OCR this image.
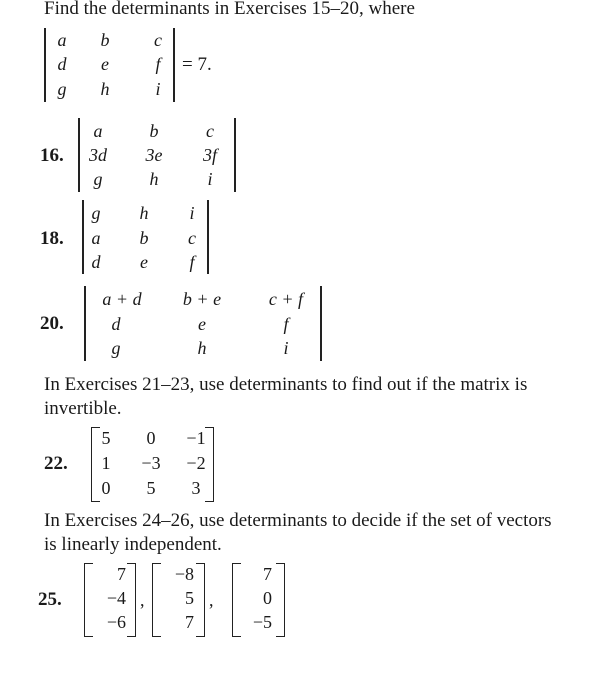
Find the determinants in Exercises 15–20, where
a	b	c
d	e	f
g	h	i
= 7.
16.
a	b	c
3d	3e	3f
g	h	i
18.
g	h	i
a	b	c
d	e	f
20.
a + d	b + e	c + f
d	e	f
g	h	i
In Exercises 21–23, use determinants to find out if the matrix is
invertible.
22.
5	0	−1
1	−3	−2
0	5	3
In Exercises 24–26, use determinants to decide if the set of vectors
is linearly independent.
25.
7
−4
−6
,
−8
5
7
,
7
0
−5
